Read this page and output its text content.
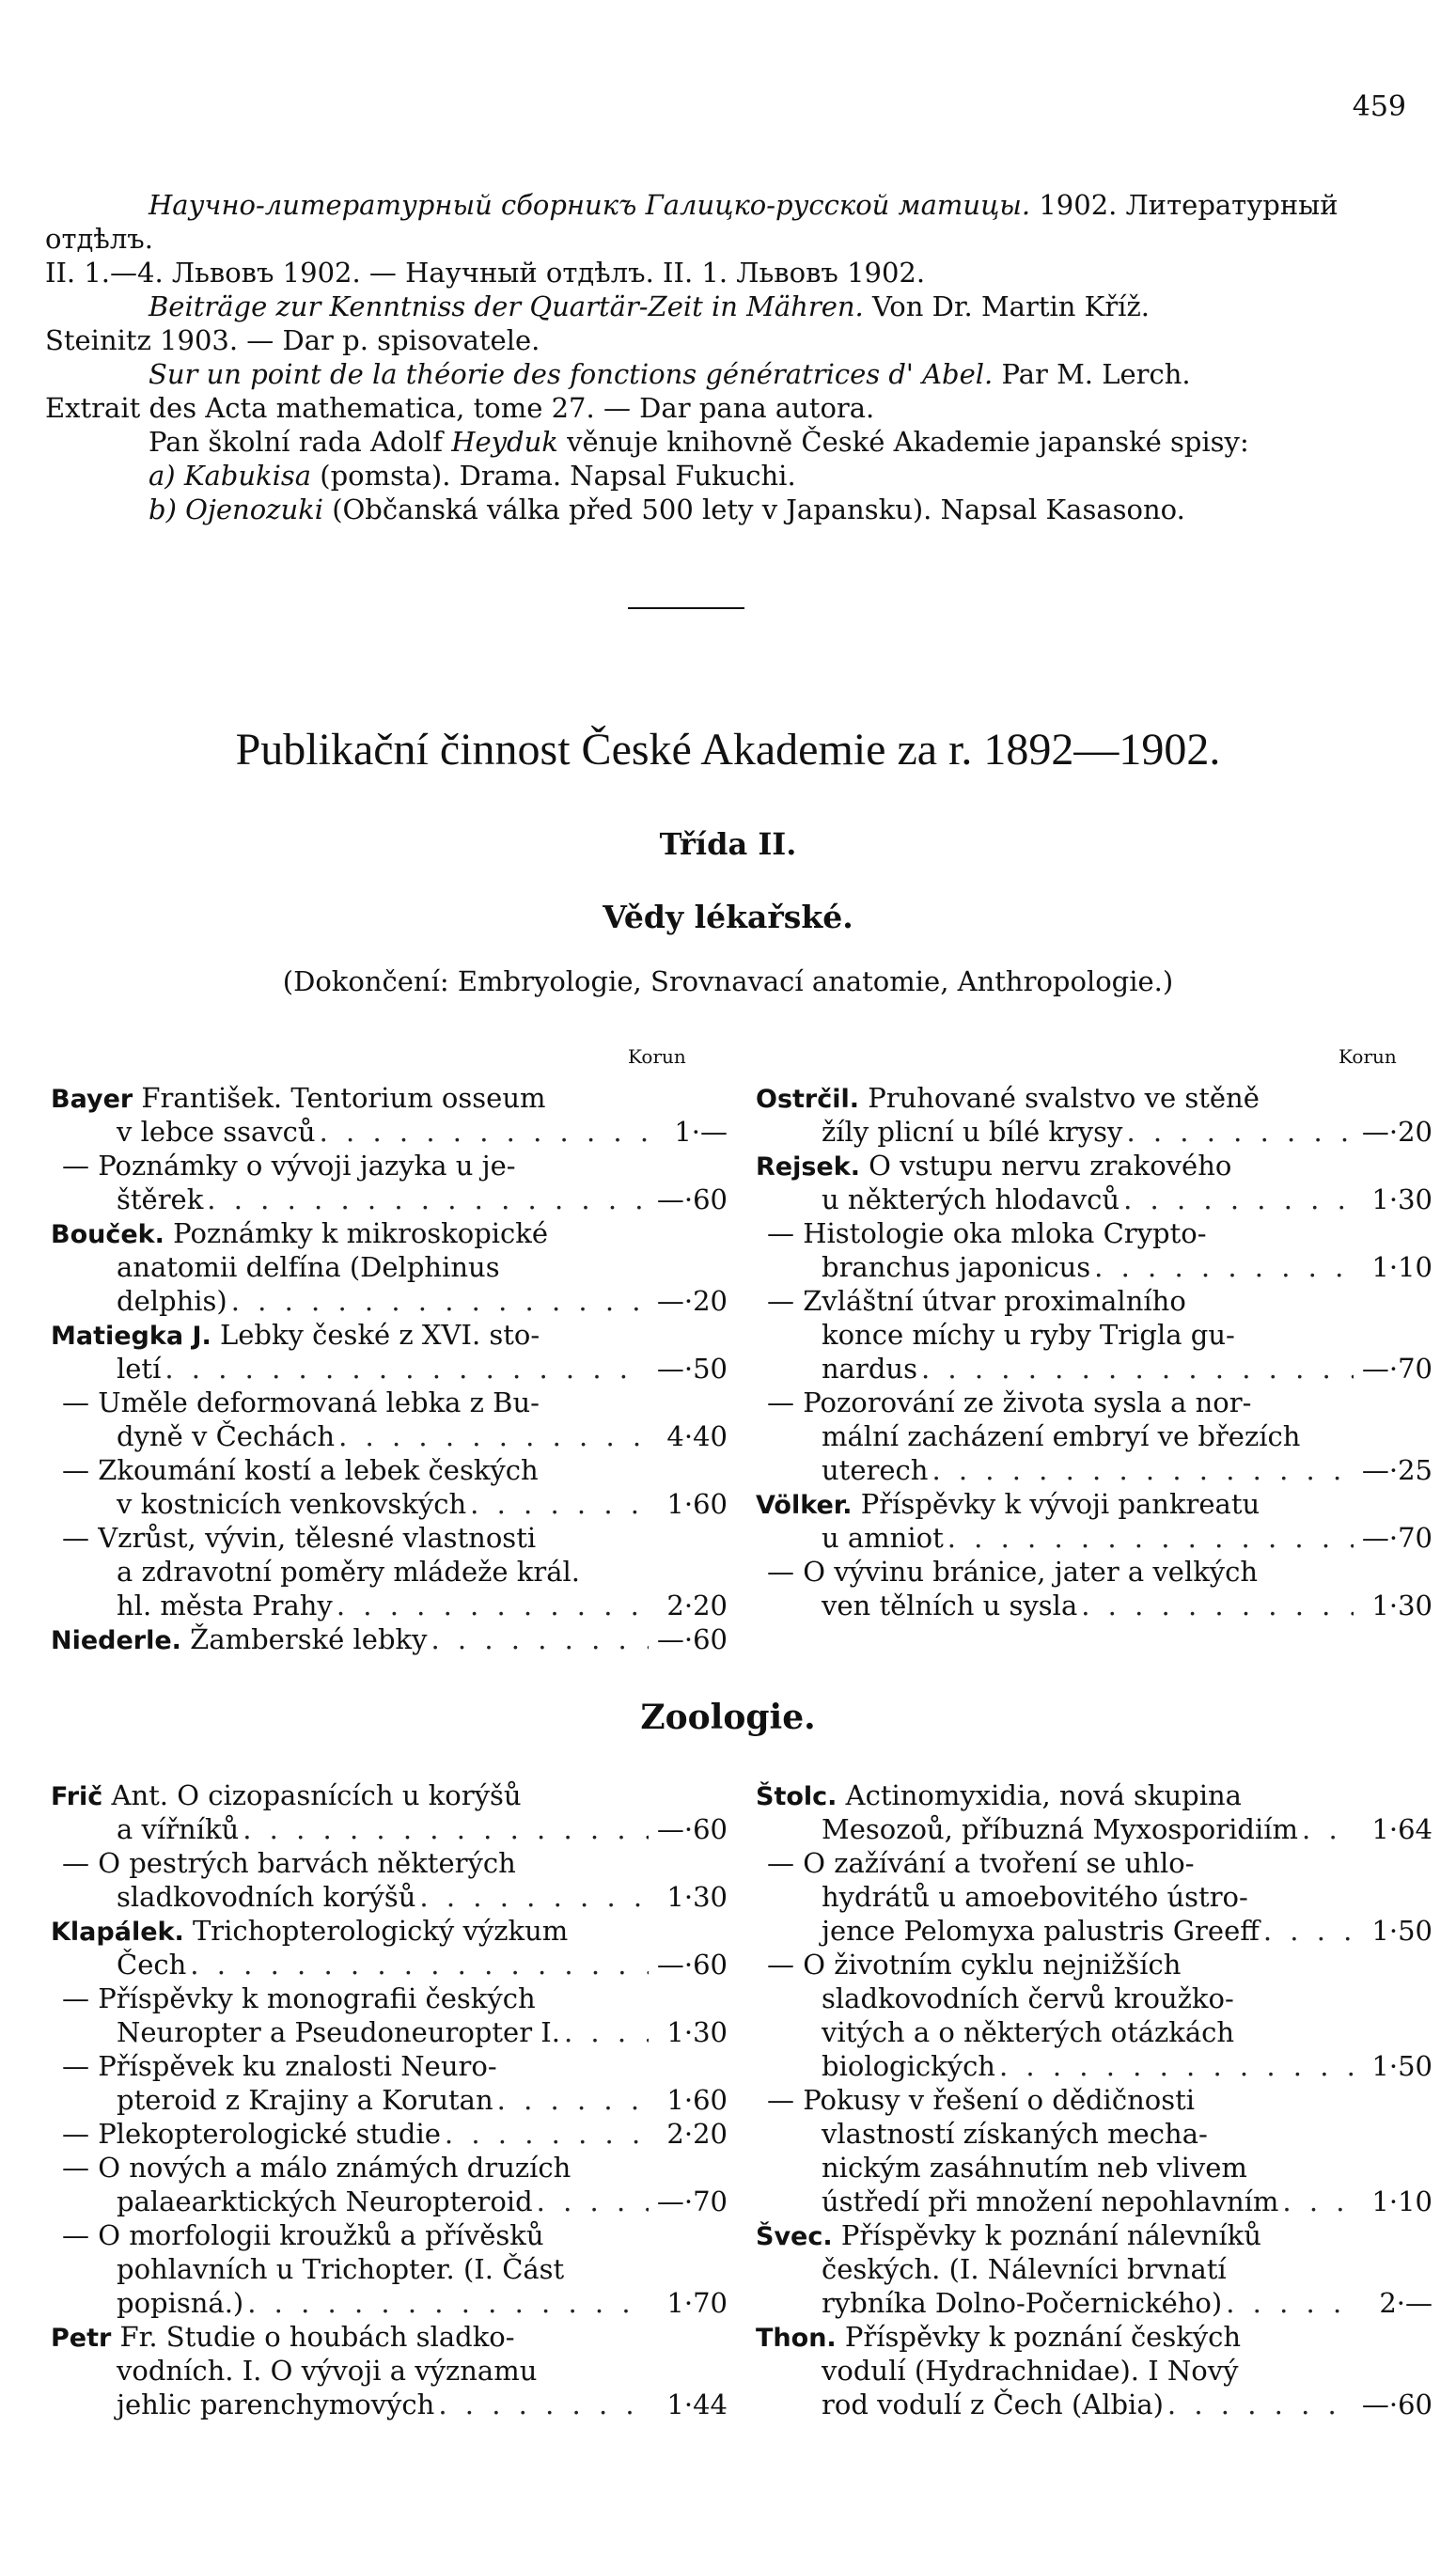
459

Научно-литературный сборникъ Галицко-русской матицы. 1902. Литературный отдѣлъ.

II. 1.—4. Львовъ 1902. — Научный отдѣлъ. II. 1. Львовъ 1902.

Beiträge zur Kenntniss der Quartär-Zeit in Mähren. Von Dr. Martin Kříž.

Steinitz 1903. — Dar p. spisovatele.

Sur un point de la théorie des fonctions génératrices d' Abel. Par M. Lerch.

Extrait des Acta mathematica, tome 27. — Dar pana autora.

Pan školní rada Adolf Heyduk věnuje knihovně České Akademie japanské spisy:

a) Kabukisa (pomsta). Drama. Napsal Fukuchi.

b) Ojenozuki (Občanská válka před 500 lety v Japansku). Napsal Kasasono.

Publikační činnost České Akademie za r. 1892—1902.
Třída II.
Vědy lékařské.
(Dokončení: Embryologie, Srovnavací anatomie, Anthropologie.)
Korun	Korun
Bayer
František. Tentorium osseum
v lebce ssavců . . .	1·—
— Poznámky o vývoji jazyka u je-
štěrek . . .	—·60
Bouček.
Poznámky k mikroskopické
anatomii delfína (Delphinus
delphis) . . .	—·20
Matiegka J.
Lebky české z XVI. sto-
letí . . .	—·50
— Uměle deformovaná lebka z Bu-
dyně v Čechách . . .	4·40
— Zkoumání kostí a lebek českých
v kostnicích venkovských . . .	1·60
— Vzrůst, vývin, tělesné vlastnosti
a zdravotní poměry mládeže král.
hl. města Prahy . . .	2·20
Niederle.
Žamberské lebky . . .	—·60
Ostrčil.
Pruhované svalstvo ve stěně
žíly plicní u bílé krysy . . .	—·20
Rejsek.
O vstupu nervu zrakového
u některých hlodavců . . .	1·30
— Histologie oka mloka Crypto-
branchus japonicus . . .	1·10
— Zvláštní útvar proximalního
konce míchy u ryby Trigla gu-
nardus . . .	—·70
— Pozorování ze života sysla a nor-
mální zacházení embryí ve březích
uterech . . .	—·25
Völker.
Příspěvky k vývoji pankreatu
u amniot . . .	—·70
— O vývinu bránice, jater a velkých
ven tělních u sysla . . .	1·30
Zoologie.
Frič
Ant. O cizopasnících u korýšů
a vířníků . . .	—·60
— O pestrých barvách některých
sladkovodních korýšů . . .	1·30
Klapálek.
Trichopterologický výzkum
Čech . . .	—·60
— Příspěvky k monografii českých
Neuropter a Pseudoneuropter I. . . .	1·30
— Příspěvek ku znalosti Neuro-
pteroid z Krajiny a Korutan . . .	1·60
— Plekopterologické studie . . .	2·20
— O nových a málo známých druzích
palaearktických Neuropteroid . . .	—·70
— O morfologii kroužků a přívěsků
pohlavních u Trichopter. (I. Část
popisná.) . . .	1·70
Petr
Fr. Studie o houbách sladko-
vodních. I. O vývoji a významu
jehlic parenchymových . . .	1·44
Štolc.
Actinomyxidia, nová skupina
Mesozoů, příbuzná Myxosporidiím . . .	1·64
— O zažívání a tvoření se uhlo-
hydrátů u amoebovitého ústro-
jence Pelomyxa palustris Greeff . . .	1·50
— O životním cyklu nejnižších
sladkovodních červů kroužko-
vitých a o některých otázkách
biologických . . .	1·50
— Pokusy v řešení o dědičnosti
vlastností získaných mecha-
nickým zasáhnutím neb vlivem
ústředí při množení nepohlavním . . .	1·10
Švec.
Příspěvky k poznání nálevníků
českých. (I. Nálevníci brvnatí
rybníka Dolno-Počernického) . . .	2·—
Thon.
Příspěvky k poznání českých
vodulí (Hydrachnidae). I Nový
rod vodulí z Čech (Albia) . . .	—·60
